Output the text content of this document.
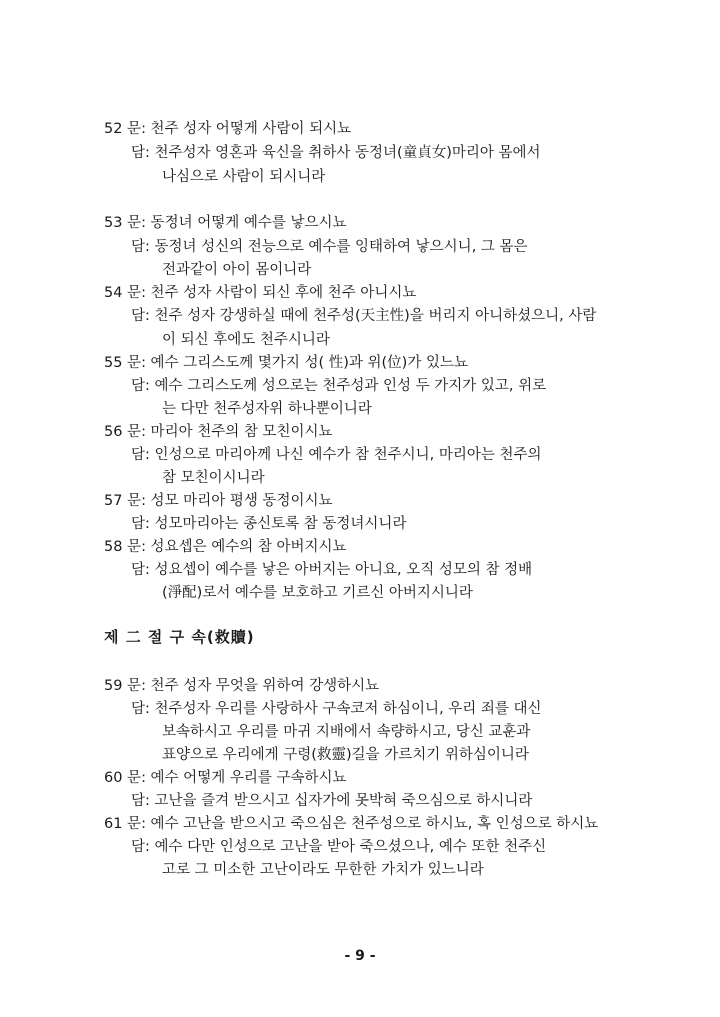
52 문: 천주 성자 어떻게 사람이 되시뇨
담: 천주성자 영혼과 육신을 취하사 동정녀(童貞女)마리아 몸에서
나심으로 사람이 되시니라
53 문: 동정녀 어떻게 예수를 낳으시뇨
담: 동정녀 성신의 전능으로 예수를 잉태하여 낳으시니, 그 몸은
전과같이 아이 몸이니라
54 문: 천주 성자 사람이 되신 후에 천주 아니시뇨
담: 천주 성자 강생하실 때에 천주성(天主性)을 버리지 아니하셨으니, 사람
이 되신 후에도 천주시니라
55 문: 예수 그리스도께 몇가지 성( 性)과 위(位)가 있느뇨
담: 예수 그리스도께 성으로는 천주성과 인성 두 가지가 있고, 위로
는 다만 천주성자위 하나뿐이니라
56 문: 마리아 천주의 참 모친이시뇨
담: 인성으로 마리아께 나신 예수가 참 천주시니, 마리아는 천주의
참 모친이시니라
57 문: 성모 마리아 평생 동정이시뇨
담: 성모마리아는 종신토록 참 동정녀시니라
58 문: 성요셉은 예수의 참 아버지시뇨
담: 성요셉이 예수를 낳은 아버지는 아니요, 오직 성모의 참 정배
(淨配)로서 예수를 보호하고 기르신 아버지시니라
제 二 절 구 속(救贖)
59 문: 천주 성자 무엇을 위하여 강생하시뇨
담: 천주성자 우리를 사랑하사 구속코저 하심이니, 우리 죄를 대신
보속하시고 우리를 마귀 지배에서 속량하시고, 당신 교훈과
표양으로 우리에게 구령(救靈)길을 가르치기 위하심이니라
60 문: 예수 어떻게 우리를 구속하시뇨
담: 고난을 즐겨 받으시고 십자가에 못박혀 죽으심으로 하시니라
61 문: 예수 고난을 받으시고 죽으심은 천주성으로 하시뇨, 혹 인성으로 하시뇨
담: 예수 다만 인성으로 고난을 받아 죽으셨으나, 예수 또한 천주신
고로 그 미소한 고난이라도 무한한 가치가 있느니라
- 9 -
